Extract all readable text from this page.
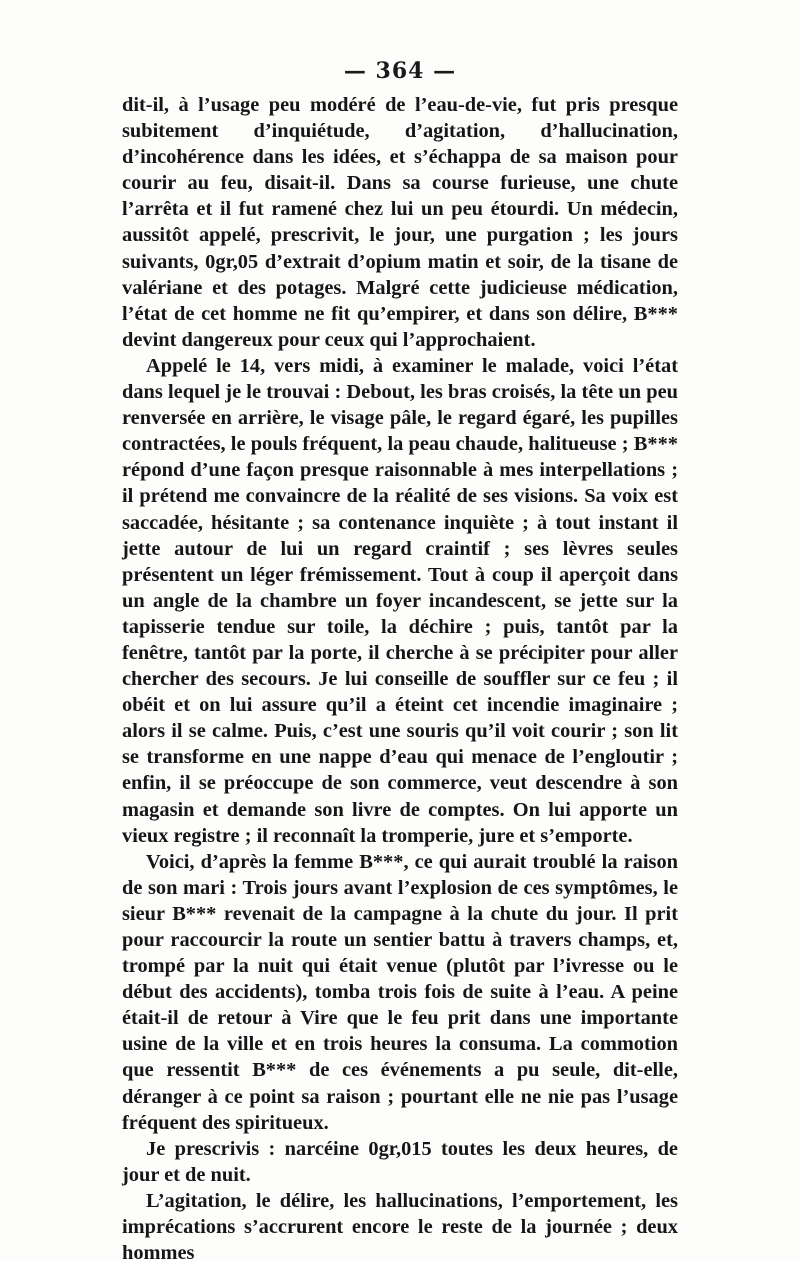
— 364 —

dit-il, à l’usage peu modéré de l’eau-de-vie, fut pris presque subitement d’inquiétude, d’agitation, d’hallucination, d’incohérence dans les idées, et s’échappa de sa maison pour courir au feu, disait-il. Dans sa course furieuse, une chute l’arrêta et il fut ramené chez lui un peu étourdi. Un médecin, aussitôt appelé, prescrivit, le jour, une purgation ; les jours suivants, 0gr,05 d’extrait d’opium matin et soir, de la tisane de valériane et des potages. Malgré cette judicieuse médication, l’état de cet homme ne fit qu’empirer, et dans son délire, B*** devint dangereux pour ceux qui l’approchaient.

Appelé le 14, vers midi, à examiner le malade, voici l’état dans lequel je le trouvai : Debout, les bras croisés, la tête un peu renversée en arrière, le visage pâle, le regard égaré, les pupilles contractées, le pouls fréquent, la peau chaude, halitueuse ; B*** répond d’une façon presque raisonnable à mes interpellations ; il prétend me convaincre de la réalité de ses visions. Sa voix est saccadée, hésitante ; sa contenance inquiète ; à tout instant il jette autour de lui un regard craintif ; ses lèvres seules présentent un léger frémissement. Tout à coup il aperçoit dans un angle de la chambre un foyer incandescent, se jette sur la tapisserie tendue sur toile, la déchire ; puis, tantôt par la fenêtre, tantôt par la porte, il cherche à se précipiter pour aller chercher des secours. Je lui conseille de souffler sur ce feu ; il obéit et on lui assure qu’il a éteint cet incendie imaginaire ; alors il se calme. Puis, c’est une souris qu’il voit courir ; son lit se transforme en une nappe d’eau qui menace de l’engloutir ; enfin, il se préoccupe de son commerce, veut descendre à son magasin et demande son livre de comptes. On lui apporte un vieux registre ; il reconnaît la tromperie, jure et s’emporte.

Voici, d’après la femme B***, ce qui aurait troublé la raison de son mari : Trois jours avant l’explosion de ces symptômes, le sieur B*** revenait de la campagne à la chute du jour. Il prit pour raccourcir la route un sentier battu à travers champs, et, trompé par la nuit qui était venue (plutôt par l’ivresse ou le début des accidents), tomba trois fois de suite à l’eau. A peine était-il de retour à Vire que le feu prit dans une importante usine de la ville et en trois heures la consuma. La commotion que ressentit B*** de ces événements a pu seule, dit-elle, déranger à ce point sa raison ; pourtant elle ne nie pas l’usage fréquent des spiritueux.

Je prescrivis : narcéine 0gr,015 toutes les deux heures, de jour et de nuit.

L’agitation, le délire, les hallucinations, l’emportement, les imprécations s’accrurent encore le reste de la journée ; deux hommes
